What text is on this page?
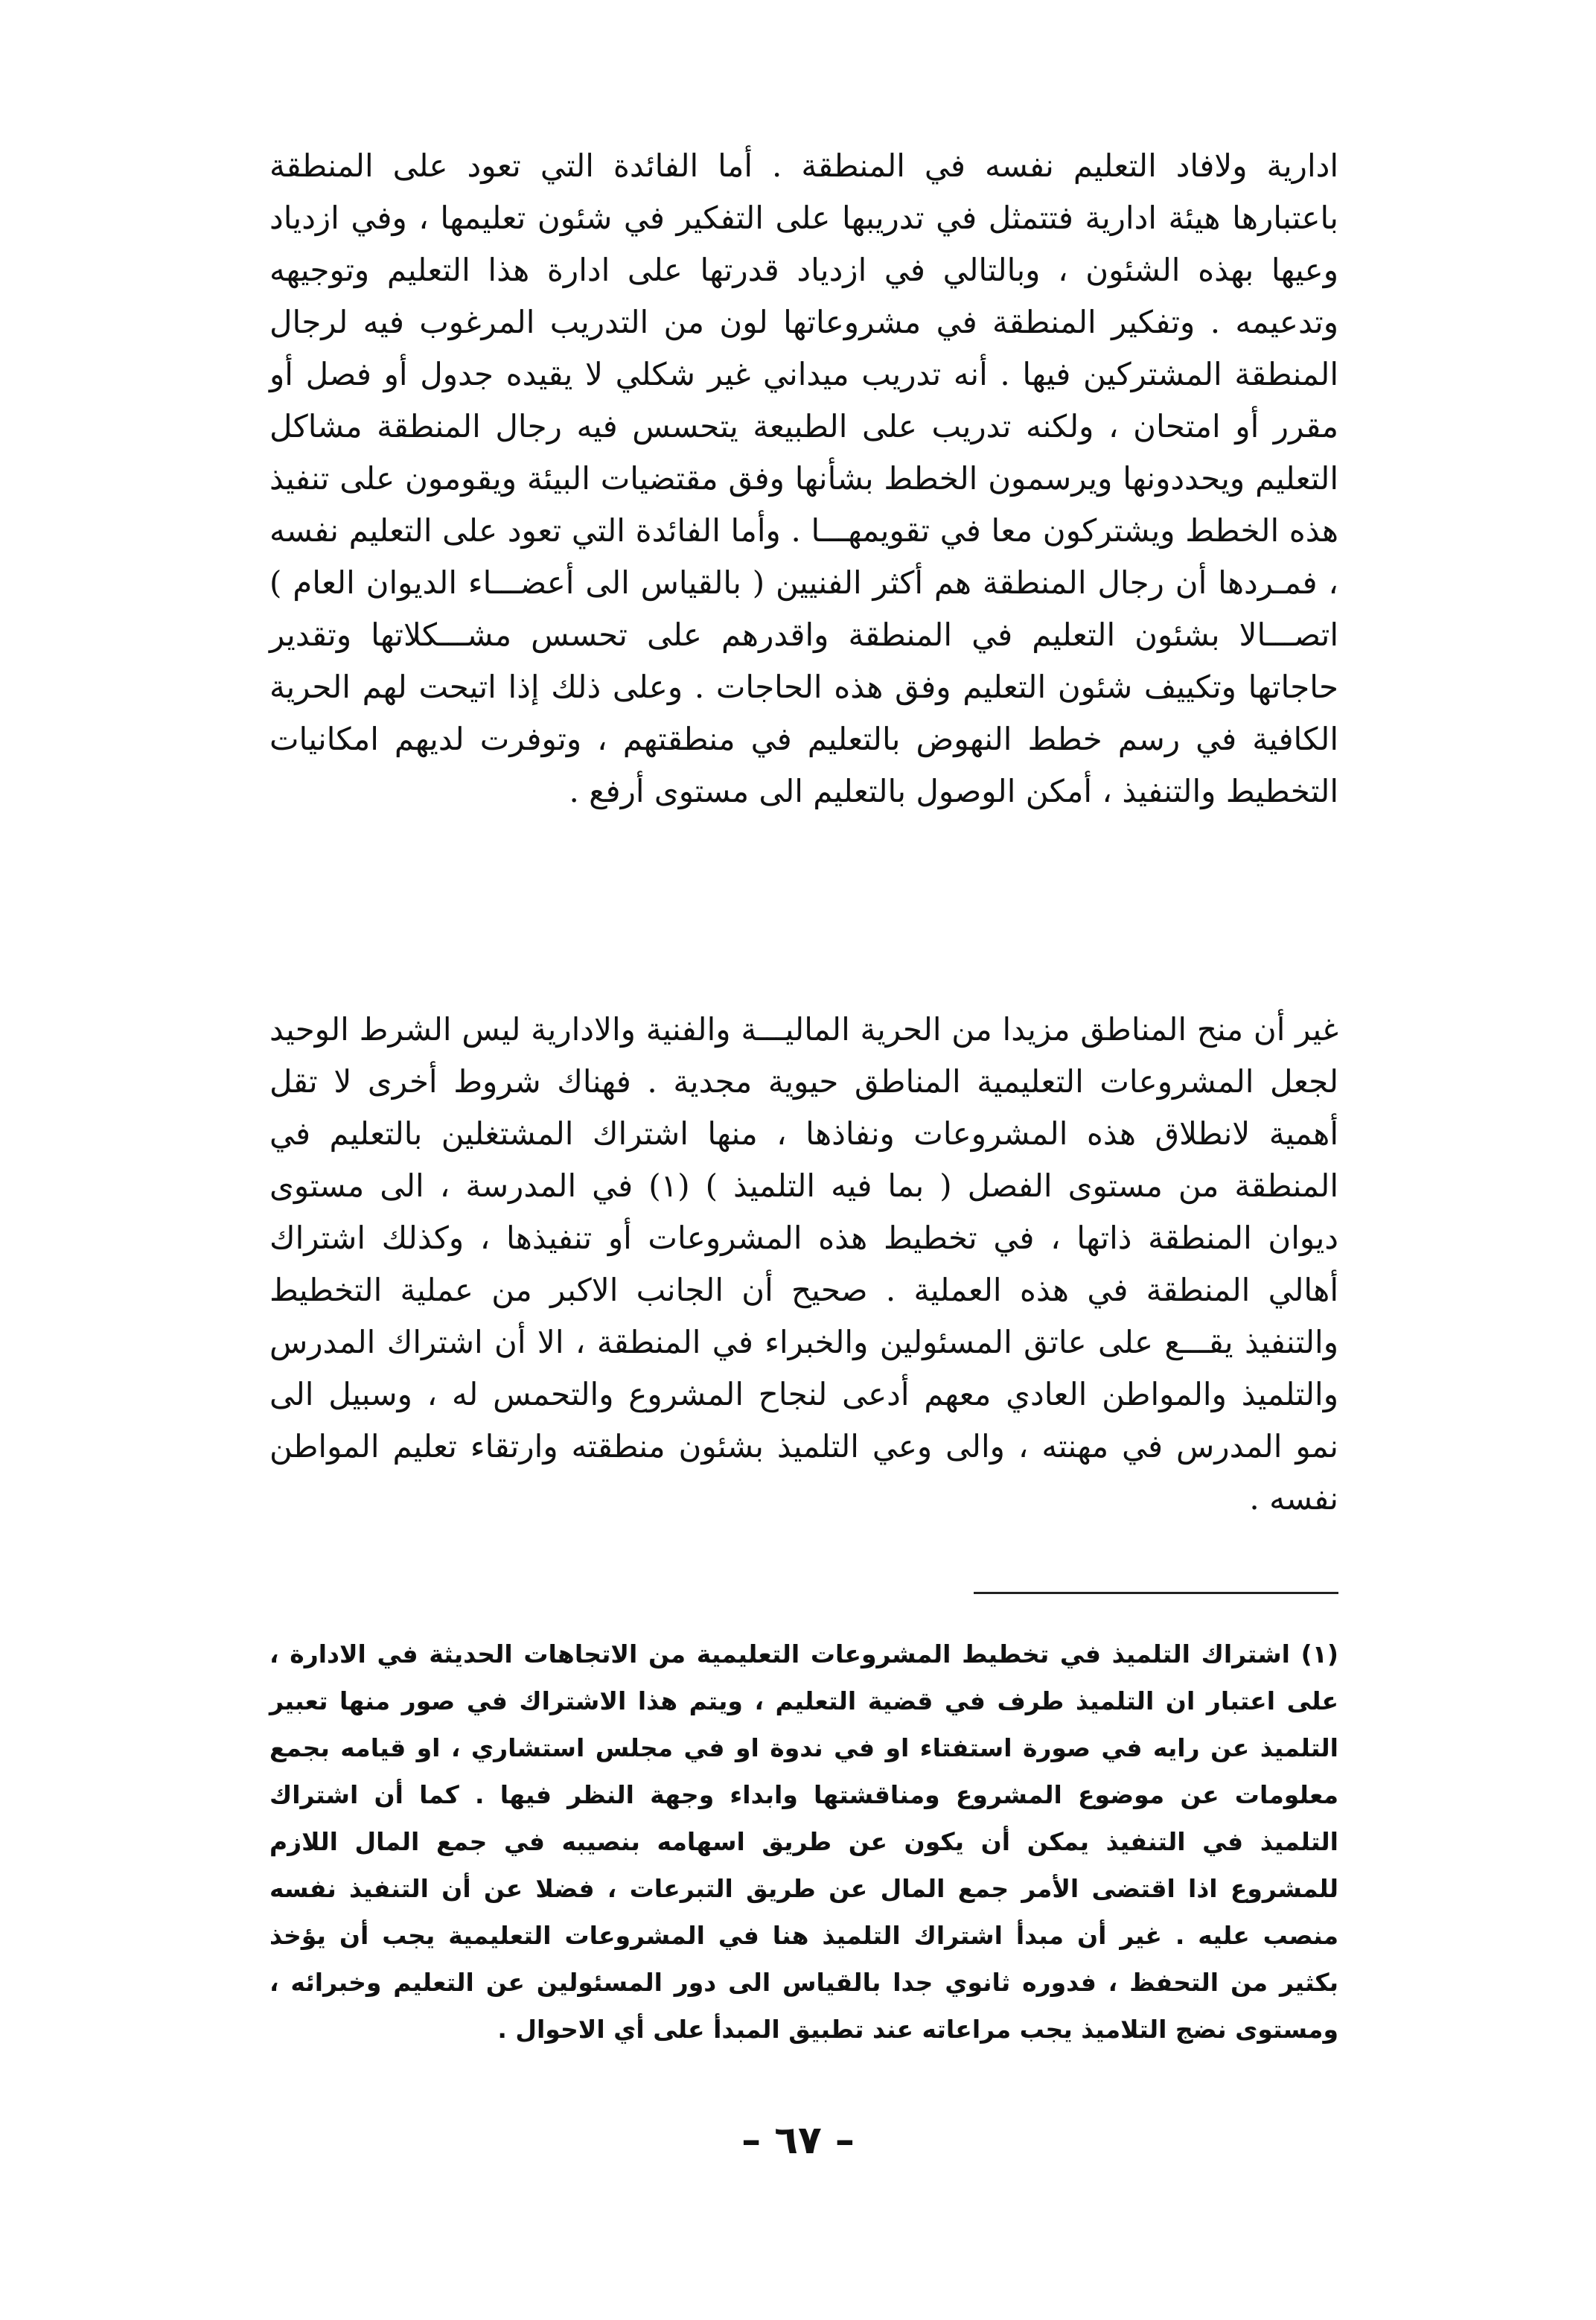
ادارية ولافاد التعليم نفسه في المنطقة . أما الفائدة التي تعود على المنطقة باعتبارها هيئة ادارية فتتمثل في تدريبها على التفكير في شئون تعليمها ، وفي ازدياد وعيها بهذه الشئون ، وبالتالي في ازدياد قدرتها على ادارة هذا التعليم وتوجيهه وتدعيمه . وتفكير المنطقة في مشروعاتها لون من التدريب المرغوب فيه لرجال المنطقة المشتركين فيها . أنه تدريب ميداني غير شكلي لا يقيده جدول أو فصل أو مقرر أو امتحان ، ولكنه تدريب على الطبيعة يتحسس فيه رجال المنطقة مشاكل التعليم ويحددونها ويرسمون الخطط بشأنها وفق مقتضيات البيئة ويقومون على تنفيذ هذه الخطط ويشتركون معا في تقويمهـــا . وأما الفائدة التي تعود على التعليم نفسه ، فمـردها أن رجال المنطقة هم أكثر الفنيين ( بالقياس الى أعضـــاء الديوان العام ) اتصـــالا بشئون التعليم في المنطقة واقدرهم على تحسس مشـــكلاتها وتقدير حاجاتها وتكييف شئون التعليم وفق هذه الحاجات . وعلى ذلك إذا اتيحت لهم الحرية الكافية في رسم خطط النهوض بالتعليم في منطقتهم ، وتوفرت لديهم امكانيات التخطيط والتنفيذ ، أمكن الوصول بالتعليم الى مستوى أرفع .

غير أن منح المناطق مزيدا من الحرية الماليـــة والفنية والادارية ليس الشرط الوحيد لجعل المشروعات التعليمية المناطق حيوية مجدية . فهناك شروط أخرى لا تقل أهمية لانطلاق هذه المشروعات ونفاذها ، منها اشتراك المشتغلين بالتعليم في المنطقة من مستوى الفصل ( بما فيه التلميذ ) (١) في المدرسة ، الى مستوى ديوان المنطقة ذاتها ، في تخطيط هذه المشروعات أو تنفيذها ، وكذلك اشتراك أهالي المنطقة في هذه العملية . صحيح أن الجانب الاكبر من عملية التخطيط والتنفيذ يقـــع على عاتق المسئولين والخبراء في المنطقة ، الا أن اشتراك المدرس والتلميذ والمواطن العادي معهم أدعى لنجاح المشروع والتحمس له ، وسبيل الى نمو المدرس في مهنته ، والى وعي التلميذ بشئون منطقته وارتقاء تعليم المواطن نفسه .

(١) اشتراك التلميذ في تخطيط المشروعات التعليمية من الاتجاهات الحديثة في الادارة ، على اعتبار ان التلميذ طرف في قضية التعليم ، ويتم هذا الاشتراك في صور منها تعبير التلميذ عن رايه في صورة استفتاء او في ندوة او في مجلس استشاري ، او قيامه بجمع معلومات عن موضوع المشروع ومناقشتها وابداء وجهة النظر فيها . كما أن اشتراك التلميذ في التنفيذ يمكن أن يكون عن طريق اسهامه بنصيبه في جمع المال اللازم للمشروع اذا اقتضى الأمر جمع المال عن طريق التبرعات ، فضلا عن أن التنفيذ نفسه منصب عليه . غير أن مبدأ اشتراك التلميذ هنا في المشروعات التعليمية يجب أن يؤخذ بكثير من التحفظ ، فدوره ثانوي جدا بالقياس الى دور المسئولين عن التعليم وخبرائه ، ومستوى نضج التلاميذ يجب مراعاته عند تطبيق المبدأ على أي الاحوال .

– ٦٧ –
